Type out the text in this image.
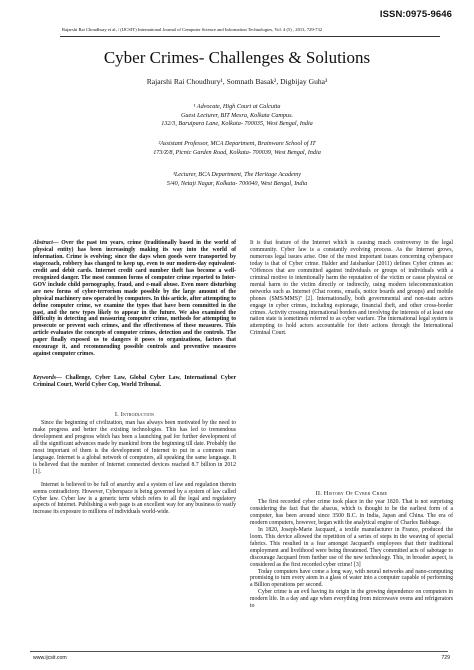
ISSN:0975-9646
Rajarshi Rai Choudhury et al, / (IJCSIT) International Journal of Computer Science and Information Technologies, Vol. 4 (5) , 2013, 729-732
Cyber Crimes- Challenges & Solutions
Rajarshi Rai Choudhury¹, Somnath Basak², Digbijay Guha³
¹ Advocate, High Court at Calcutta
Guest Lecturer, BIT Mesra, Kolkata Campus.
132/3, Baruipara Lane, Kolkata- 700035, West Bengal, India
²Assistant Professor, MCA Department, Brainware School of IT
173/Z/8, Picnic Garden Road, Kolkata- 700039, West Bengal, India
³Lecturer, BCA Department, The Heritage Academy
5/40, Netaji Nagar, Kolkata- 700040, West Bengal, India
Abstract— Over the past ten years, crime (traditionally based in the world of physical entity) has been increasingly making its way into the world of information. Crime is evolving; since the days when goods were transported by stagecoach, robbery has changed to keep up, even to our modern-day equivalent-credit and debit cards. Internet credit card number theft has become a well-recognized danger. The most common forms of computer crime reported to Inter-GOV include child pornography, fraud, and e-mail abuse. Even more disturbing are new forms of cyber-terrorism made possible by the large amount of the physical machinery now operated by computers. In this article, after attempting to define computer crime, we examine the types that have been committed in the past, and the new types likely to appear in the future. We also examined the difficulty in detecting and measuring computer crime, methods for attempting to prosecute or prevent such crimes, and the effectiveness of these measures. This article evaluates the concepts of computer crimes, detection and the controls. The paper finally exposed us to dangers it poses to organizations, factors that encourage it, and recommending possible controls and preventive measures against computer crimes.
Keywords— Challenge, Cyber Law, Global Cyber Law, International Cyber Criminal Court, World Cyber Cop, World Tribunal.
I. Introduction

Since the beginning of civilization, man has always been motivated by the need to make progress and better the existing technologies. This has led to tremendous development and progress which has been a launching pad for further development of all the significant advances made by mankind from the beginning till date. Probably the most important of them is the development of Internet to put in a common man language. Internet is a global network of computers, all speaking the same language. It is believed that the number of Internet connected devices reached 8.7 billion in 2012 [1].

Internet is believed to be full of anarchy and a system of law and regulation therein seems contradictory. However, Cyberspace is being governed by a system of law called Cyber law. Cyber law is a generic term which refers to all the legal and regulatory aspects of Internet. Publishing a web page is an excellent way for any business to vastly increase its exposure to millions of individuals world-wide.

It is that feature of the Internet which is causing much controversy in the legal community. Cyber law is a constantly evolving process. As the Internet grows, numerous legal issues arise. One of the most important issues concerning cyberspace today is that of Cyber crime. Halder and Jaishankar (2011) defines Cyber crimes as: "Offences that are committed against individuals or groups of individuals with a criminal motive to intentionally harm the reputation of the victim or cause physical or mental harm to the victim directly or indirectly, using modern telecommunication networks such as Internet (Chat rooms, emails, notice boards and groups) and mobile phones (SMS/MMS)" [2]. Internationally, both governmental and non-state actors engage in cyber crimes, including espionage, financial theft, and other cross-border crimes. Activity crossing international borders and involving the interests of at least one nation state is sometimes referred to as cyber warfare. The international legal system is attempting to hold actors accountable for their actions through the International Criminal Court.

II. History Of Cyber Crime

The first recorded cyber crime took place in the year 1820. That is not surprising considering the fact that the abacus, which is thought to be the earliest form of a computer, has been around since 3500 B.C. in India, Japan and China. The era of modern computers, however, began with the analytical engine of Charles Babbage.

In 1820, Joseph-Marie Jacquard, a textile manufacturer in France, produced the loom. This device allowed the repetition of a series of steps in the weaving of special fabrics. This resulted in a fear amongst Jacquard's employees that their traditional employment and livelihood were being threatened. They committed acts of sabotage to discourage Jacquard from further use of the new technology. This, in broader aspect, is considered as the first recorded cyber crime! [3]

Today computers have come a long way, with neural networks and nano-computing promising to turn every atom in a glass of water into a computer capable of performing a Billion operations per second.

Cyber crime is an evil having its origin in the growing dependence on computers in modern life. In a day and age when everything from microwave ovens and refrigerators to

www.ijcsit.com	729
